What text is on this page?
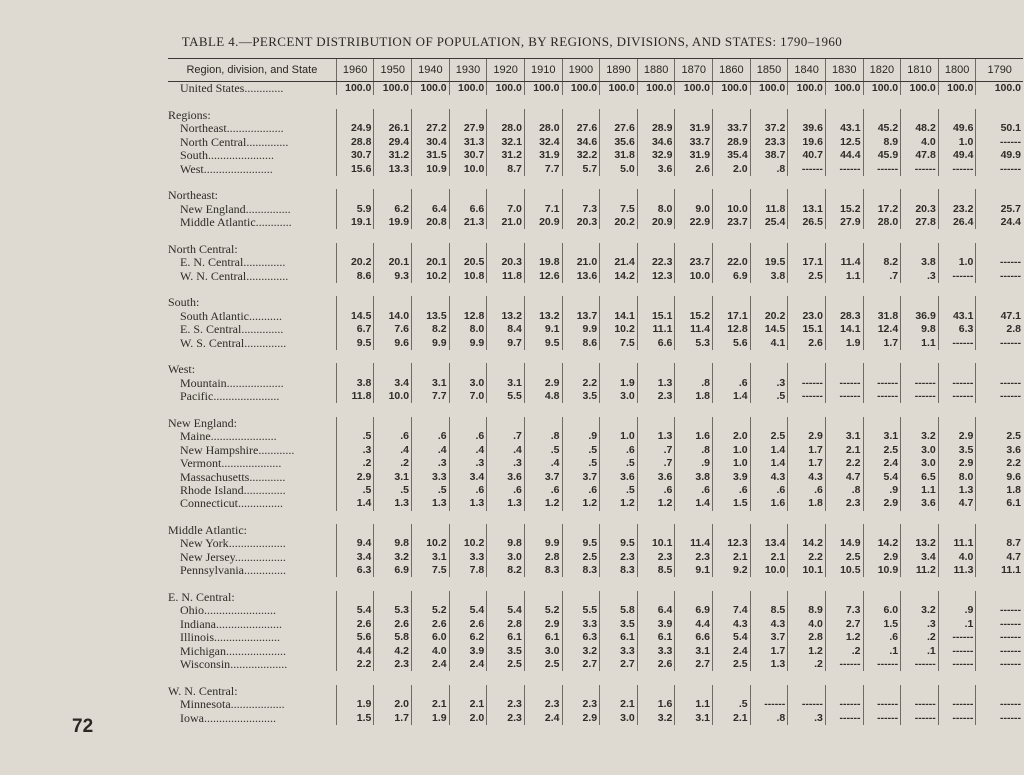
TABLE 4.—PERCENT DISTRIBUTION OF POPULATION, BY REGIONS, DIVISIONS, AND STATES: 1790–1960
Region, division, and State	1960	1950	1940	1930	1920	1910	1900	1890	1880	1870	1860	1850	1840	1830	1820	1810	1800	1790
United States.............	100.0	100.0	100.0	100.0	100.0	100.0	100.0	100.0	100.0	100.0	100.0	100.0	100.0	100.0	100.0	100.0	100.0	100.0

Regions:																		
Northeast...................	24.9	26.1	27.2	27.9	28.0	28.0	27.6	27.6	28.9	31.9	33.7	37.2	39.6	43.1	45.2	48.2	49.6	50.1
North Central..............	28.8	29.4	30.4	31.3	32.1	32.4	34.6	35.6	34.6	33.7	28.9	23.3	19.6	12.5	8.9	4.0	1.0	------
South......................	30.7	31.2	31.5	30.7	31.2	31.9	32.2	31.8	32.9	31.9	35.4	38.7	40.7	44.4	45.9	47.8	49.4	49.9
West.......................	15.6	13.3	10.9	10.0	8.7	7.7	5.7	5.0	3.6	2.6	2.0	.8	------	------	------	------	------	------

Northeast:																		
New England...............	5.9	6.2	6.4	6.6	7.0	7.1	7.3	7.5	8.0	9.0	10.0	11.8	13.1	15.2	17.2	20.3	23.2	25.7
Middle Atlantic............	19.1	19.9	20.8	21.3	21.0	20.9	20.3	20.2	20.9	22.9	23.7	25.4	26.5	27.9	28.0	27.8	26.4	24.4

North Central:																		
E. N. Central..............	20.2	20.1	20.1	20.5	20.3	19.8	21.0	21.4	22.3	23.7	22.0	19.5	17.1	11.4	8.2	3.8	1.0	------
W. N. Central..............	8.6	9.3	10.2	10.8	11.8	12.6	13.6	14.2	12.3	10.0	6.9	3.8	2.5	1.1	.7	.3	------	------

South:																		
South Atlantic...........	14.5	14.0	13.5	12.8	13.2	13.2	13.7	14.1	15.1	15.2	17.1	20.2	23.0	28.3	31.8	36.9	43.1	47.1
E. S. Central..............	6.7	7.6	8.2	8.0	8.4	9.1	9.9	10.2	11.1	11.4	12.8	14.5	15.1	14.1	12.4	9.8	6.3	2.8
W. S. Central..............	9.5	9.6	9.9	9.9	9.7	9.5	8.6	7.5	6.6	5.3	5.6	4.1	2.6	1.9	1.7	1.1	------	------

West:																		
Mountain...................	3.8	3.4	3.1	3.0	3.1	2.9	2.2	1.9	1.3	.8	.6	.3	------	------	------	------	------	------
Pacific......................	11.8	10.0	7.7	7.0	5.5	4.8	3.5	3.0	2.3	1.8	1.4	.5	------	------	------	------	------	------

New England:																		
Maine......................	.5	.6	.6	.6	.7	.8	.9	1.0	1.3	1.6	2.0	2.5	2.9	3.1	3.1	3.2	2.9	2.5
New Hampshire............	.3	.4	.4	.4	.4	.5	.5	.6	.7	.8	1.0	1.4	1.7	2.1	2.5	3.0	3.5	3.6
Vermont....................	.2	.2	.3	.3	.3	.4	.5	.5	.7	.9	1.0	1.4	1.7	2.2	2.4	3.0	2.9	2.2
Massachusetts............	2.9	3.1	3.3	3.4	3.6	3.7	3.7	3.6	3.6	3.8	3.9	4.3	4.3	4.7	5.4	6.5	8.0	9.6
Rhode Island..............	.5	.5	.5	.6	.6	.6	.6	.5	.6	.6	.6	.6	.6	.8	.9	1.1	1.3	1.8
Connecticut...............	1.4	1.3	1.3	1.3	1.3	1.2	1.2	1.2	1.2	1.4	1.5	1.6	1.8	2.3	2.9	3.6	4.7	6.1

Middle Atlantic:																		
New York...................	9.4	9.8	10.2	10.2	9.8	9.9	9.5	9.5	10.1	11.4	12.3	13.4	14.2	14.9	14.2	13.2	11.1	8.7
New Jersey.................	3.4	3.2	3.1	3.3	3.0	2.8	2.5	2.3	2.3	2.3	2.1	2.1	2.2	2.5	2.9	3.4	4.0	4.7
Pennsylvania..............	6.3	6.9	7.5	7.8	8.2	8.3	8.3	8.3	8.5	9.1	9.2	10.0	10.1	10.5	10.9	11.2	11.3	11.1

E. N. Central:																		
Ohio........................	5.4	5.3	5.2	5.4	5.4	5.2	5.5	5.8	6.4	6.9	7.4	8.5	8.9	7.3	6.0	3.2	.9	------
Indiana......................	2.6	2.6	2.6	2.6	2.8	2.9	3.3	3.5	3.9	4.4	4.3	4.3	4.0	2.7	1.5	.3	.1	------
Illinois......................	5.6	5.8	6.0	6.2	6.1	6.1	6.3	6.1	6.1	6.6	5.4	3.7	2.8	1.2	.6	.2	------	------
Michigan....................	4.4	4.2	4.0	3.9	3.5	3.0	3.2	3.3	3.3	3.1	2.4	1.7	1.2	.2	.1	.1	------	------
Wisconsin...................	2.2	2.3	2.4	2.4	2.5	2.5	2.7	2.7	2.6	2.7	2.5	1.3	.2	------	------	------	------	------

W. N. Central:																		
Minnesota..................	1.9	2.0	2.1	2.1	2.3	2.3	2.3	2.1	1.6	1.1	.5	------	------	------	------	------	------	------
Iowa........................	1.5	1.7	1.9	2.0	2.3	2.4	2.9	3.0	3.2	3.1	2.1	.8	.3	------	------	------	------	------
72
